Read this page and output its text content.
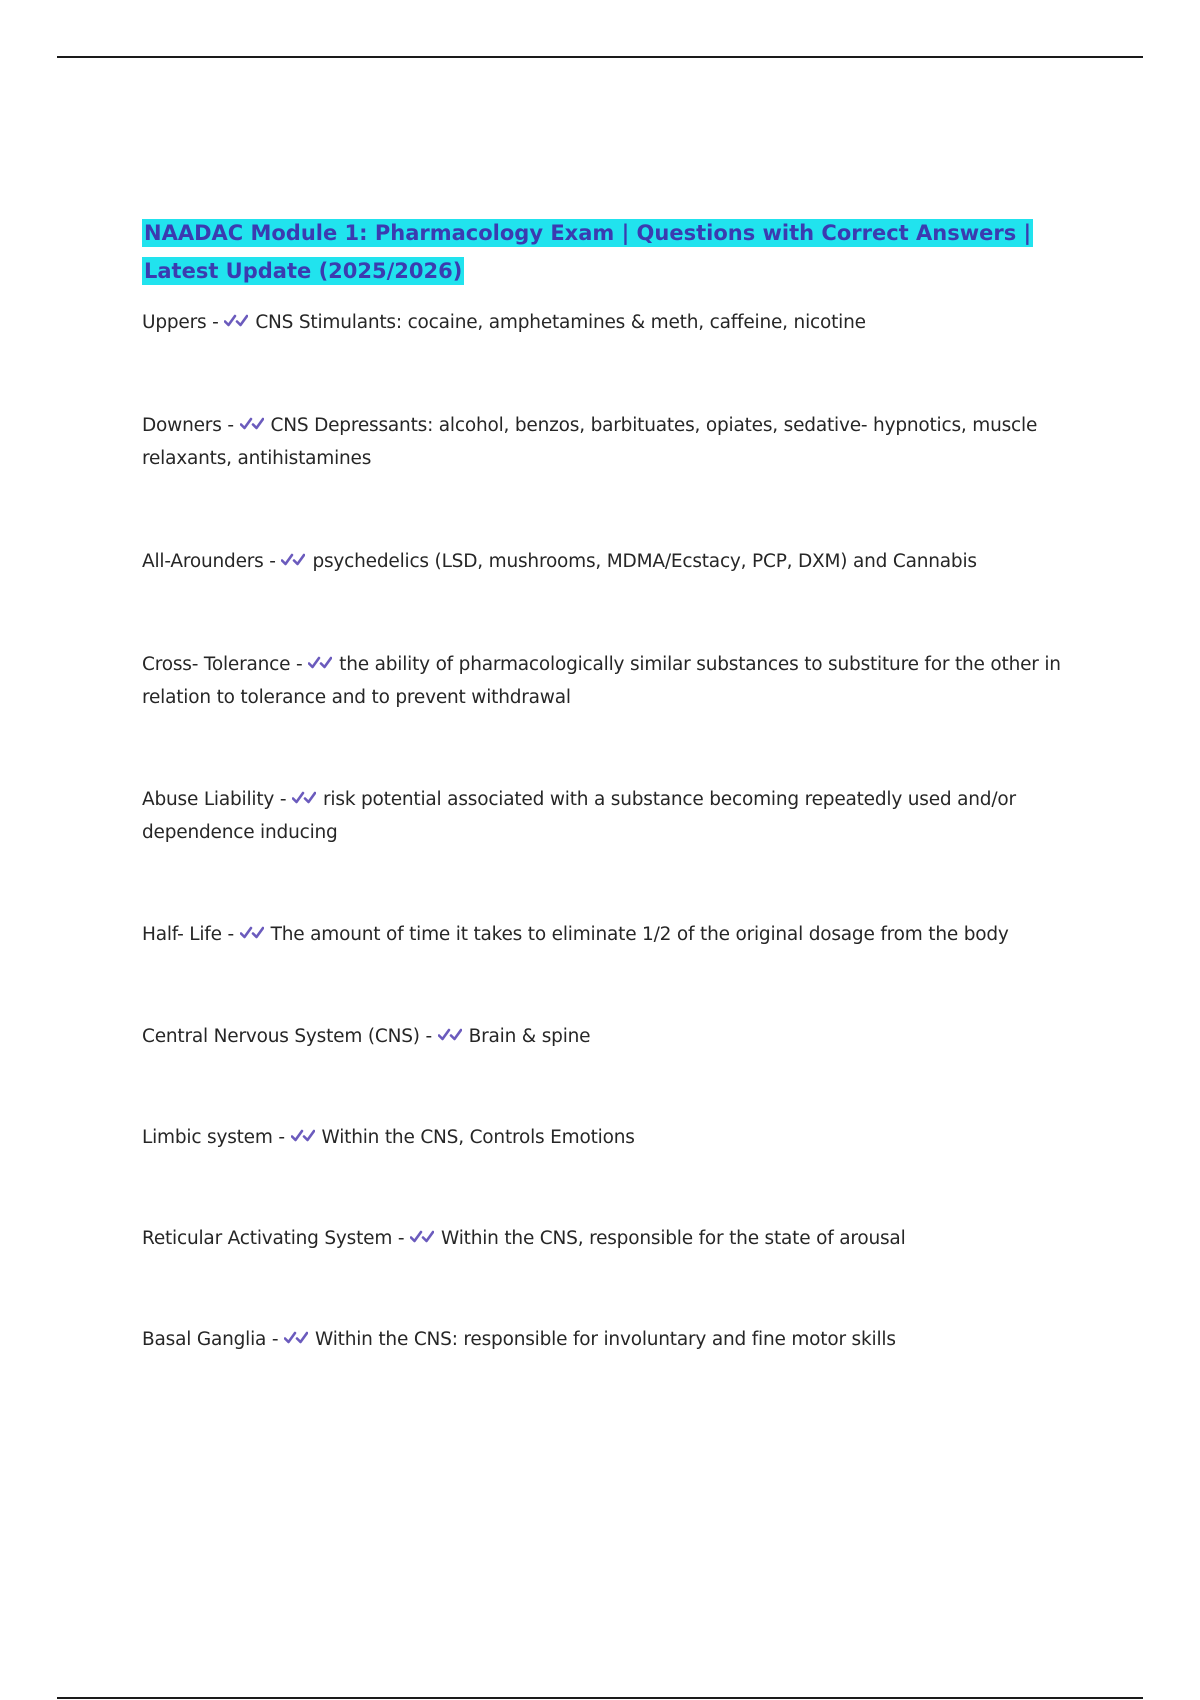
NAADAC Module 1: Pharmacology Exam | Questions with Correct Answers | Latest Update (2025/2026)
Uppers -
CNS Stimulants: cocaine, amphetamines & meth, caffeine, nicotine
Downers -
CNS Depressants: alcohol, benzos, barbituates, opiates, sedative- hypnotics, muscle relaxants, antihistamines
All-Arounders -
psychedelics (LSD, mushrooms, MDMA/Ecstacy, PCP, DXM) and Cannabis
Cross- Tolerance -
the ability of pharmacologically similar substances to substiture for the other in relation to tolerance and to prevent withdrawal
Abuse Liability -
risk potential associated with a substance becoming repeatedly used and/or dependence inducing
Half- Life -
The amount of time it takes to eliminate 1/2 of the original dosage from the body
Central Nervous System (CNS) -
Brain & spine
Limbic system -
Within the CNS, Controls Emotions
Reticular Activating System -
Within the CNS, responsible for the state of arousal
Basal Ganglia -
Within the CNS: responsible for involuntary and fine motor skills
